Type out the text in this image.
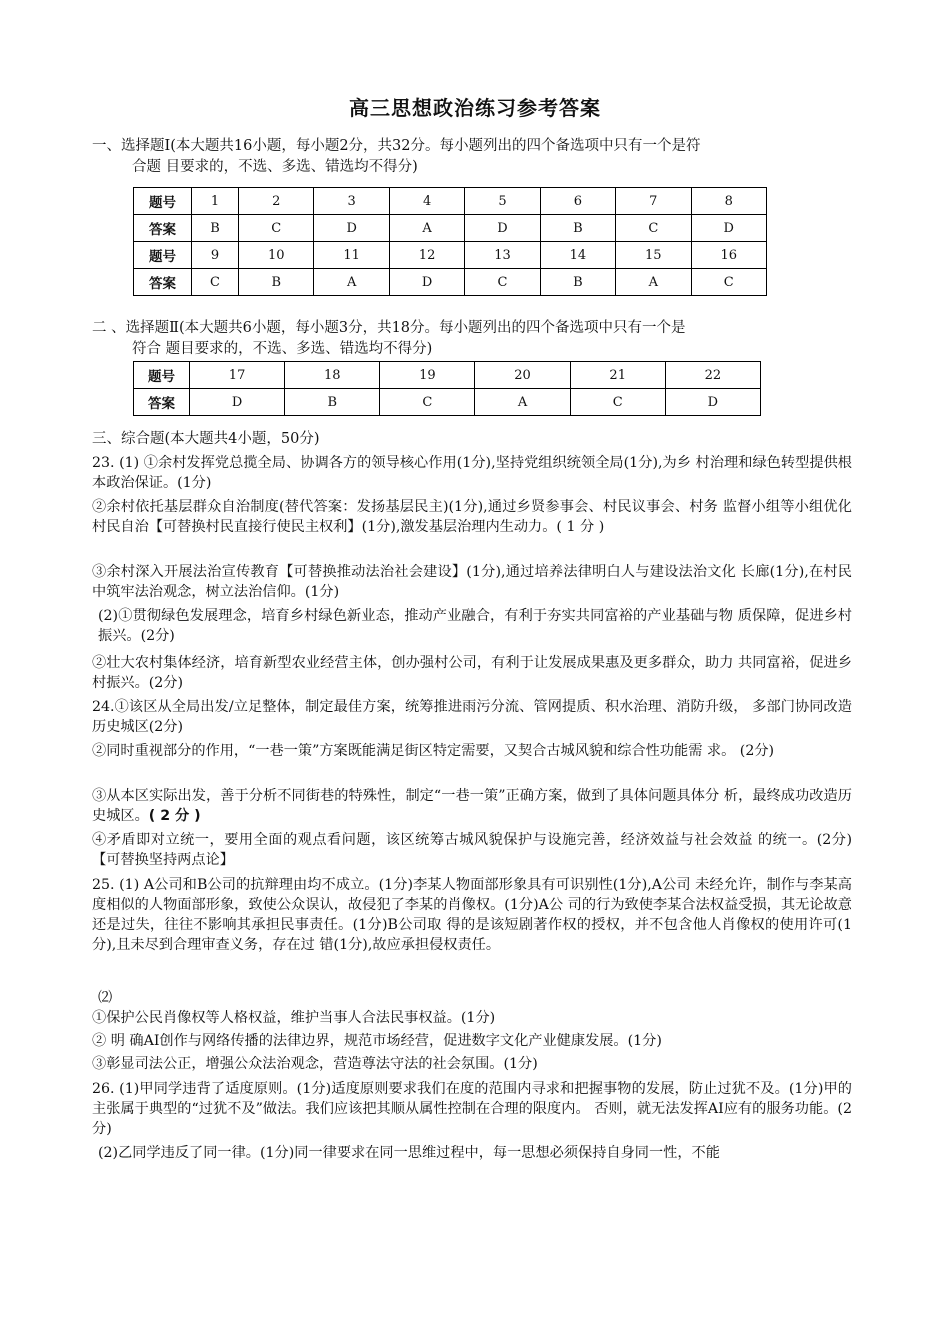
高三思想政治练习参考答案
一、选择题Ⅰ(本大题共16小题，每小题2分，共32分。每小题列出的四个备选项中只有一个是符
合题 目要求的，不选、多选、错选均不得分)
题号	1	2	3	4	5	6	7	8
答案	B	C	D	A	D	B	C	D
题号	9	10	11	12	13	14	15	16
答案	C	B	A	D	C	B	A	C
二 、选择题Ⅱ(本大题共6小题，每小题3分，共18分。每小题列出的四个备选项中只有一个是
符合 题目要求的，不选、多选、错选均不得分)
题号	17	18	19	20	21	22
答案	D	B	C	A	C	D
三、综合题(本大题共4小题，50分)
23. (1) ①余村发挥党总揽全局、协调各方的领导核心作用(1分),坚持党组织统领全局(1分),为乡 村治理和绿色转型提供根本政治保证。(1分)
②余村依托基层群众自治制度(替代答案：发扬基层民主)(1分),通过乡贤参事会、村民议事会、村务 监督小组等小组优化村民自治【可替换村民直接行使民主权利】(1分),激发基层治理内生动力。( 1 分 )
③余村深入开展法治宣传教育【可替换推动法治社会建设】(1分),通过培养法律明白人与建设法治文化 长廊(1分),在村民中筑牢法治观念，树立法治信仰。(1分)
(2)①贯彻绿色发展理念，培育乡村绿色新业态，推动产业融合，有利于夯实共同富裕的产业基础与物 质保障，促进乡村振兴。(2分)
②壮大农村集体经济，培育新型农业经营主体，创办强村公司，有利于让发展成果惠及更多群众，助力 共同富裕，促进乡村振兴。(2分)
24.①该区从全局出发/立足整体，制定最佳方案，统筹推进雨污分流、管网提质、积水治理、消防升级， 多部门协同改造历史城区(2分)
②同时重视部分的作用，“一巷一策”方案既能满足街区特定需要，又契合古城风貌和综合性功能需 求。 (2分)
③从本区实际出发，善于分析不同街巷的特殊性，制定“一巷一策”正确方案，做到了具体问题具体分 析，最终成功改造历史城区。( 2 分 )
④矛盾即对立统一，要用全面的观点看问题，该区统筹古城风貌保护与设施完善，经济效益与社会效益 的统一。(2分)【可替换坚持两点论】
25. (1) A公司和B公司的抗辩理由均不成立。(1分)李某人物面部形象具有可识别性(1分),A公司 未经允许，制作与李某高度相似的人物面部形象，致使公众误认，故侵犯了李某的肖像权。(1分)A公 司的行为致使李某合法权益受损，其无论故意还是过失，往往不影响其承担民事责任。(1分)B公司取 得的是该短剧著作权的授权，并不包含他人肖像权的使用许可(1分),且未尽到合理审查义务，存在过 错(1分),故应承担侵权责任。
⑵
①保护公民肖像权等人格权益，维护当事人合法民事权益。(1分)
② 明 确AI创作与网络传播的法律边界，规范市场经营，促进数字文化产业健康发展。(1分)
③彰显司法公正，增强公众法治观念，营造尊法守法的社会氛围。(1分)
26. (1)甲同学违背了适度原则。(1分)适度原则要求我们在度的范围内寻求和把握事物的发展，防止过犹不及。(1分)甲的主张属于典型的“过犹不及”做法。我们应该把其顺从属性控制在合理的限度内。 否则，就无法发挥AI应有的服务功能。(2分)
(2)乙同学违反了同一律。(1分)同一律要求在同一思维过程中，每一思想必须保持自身同一性，不能
